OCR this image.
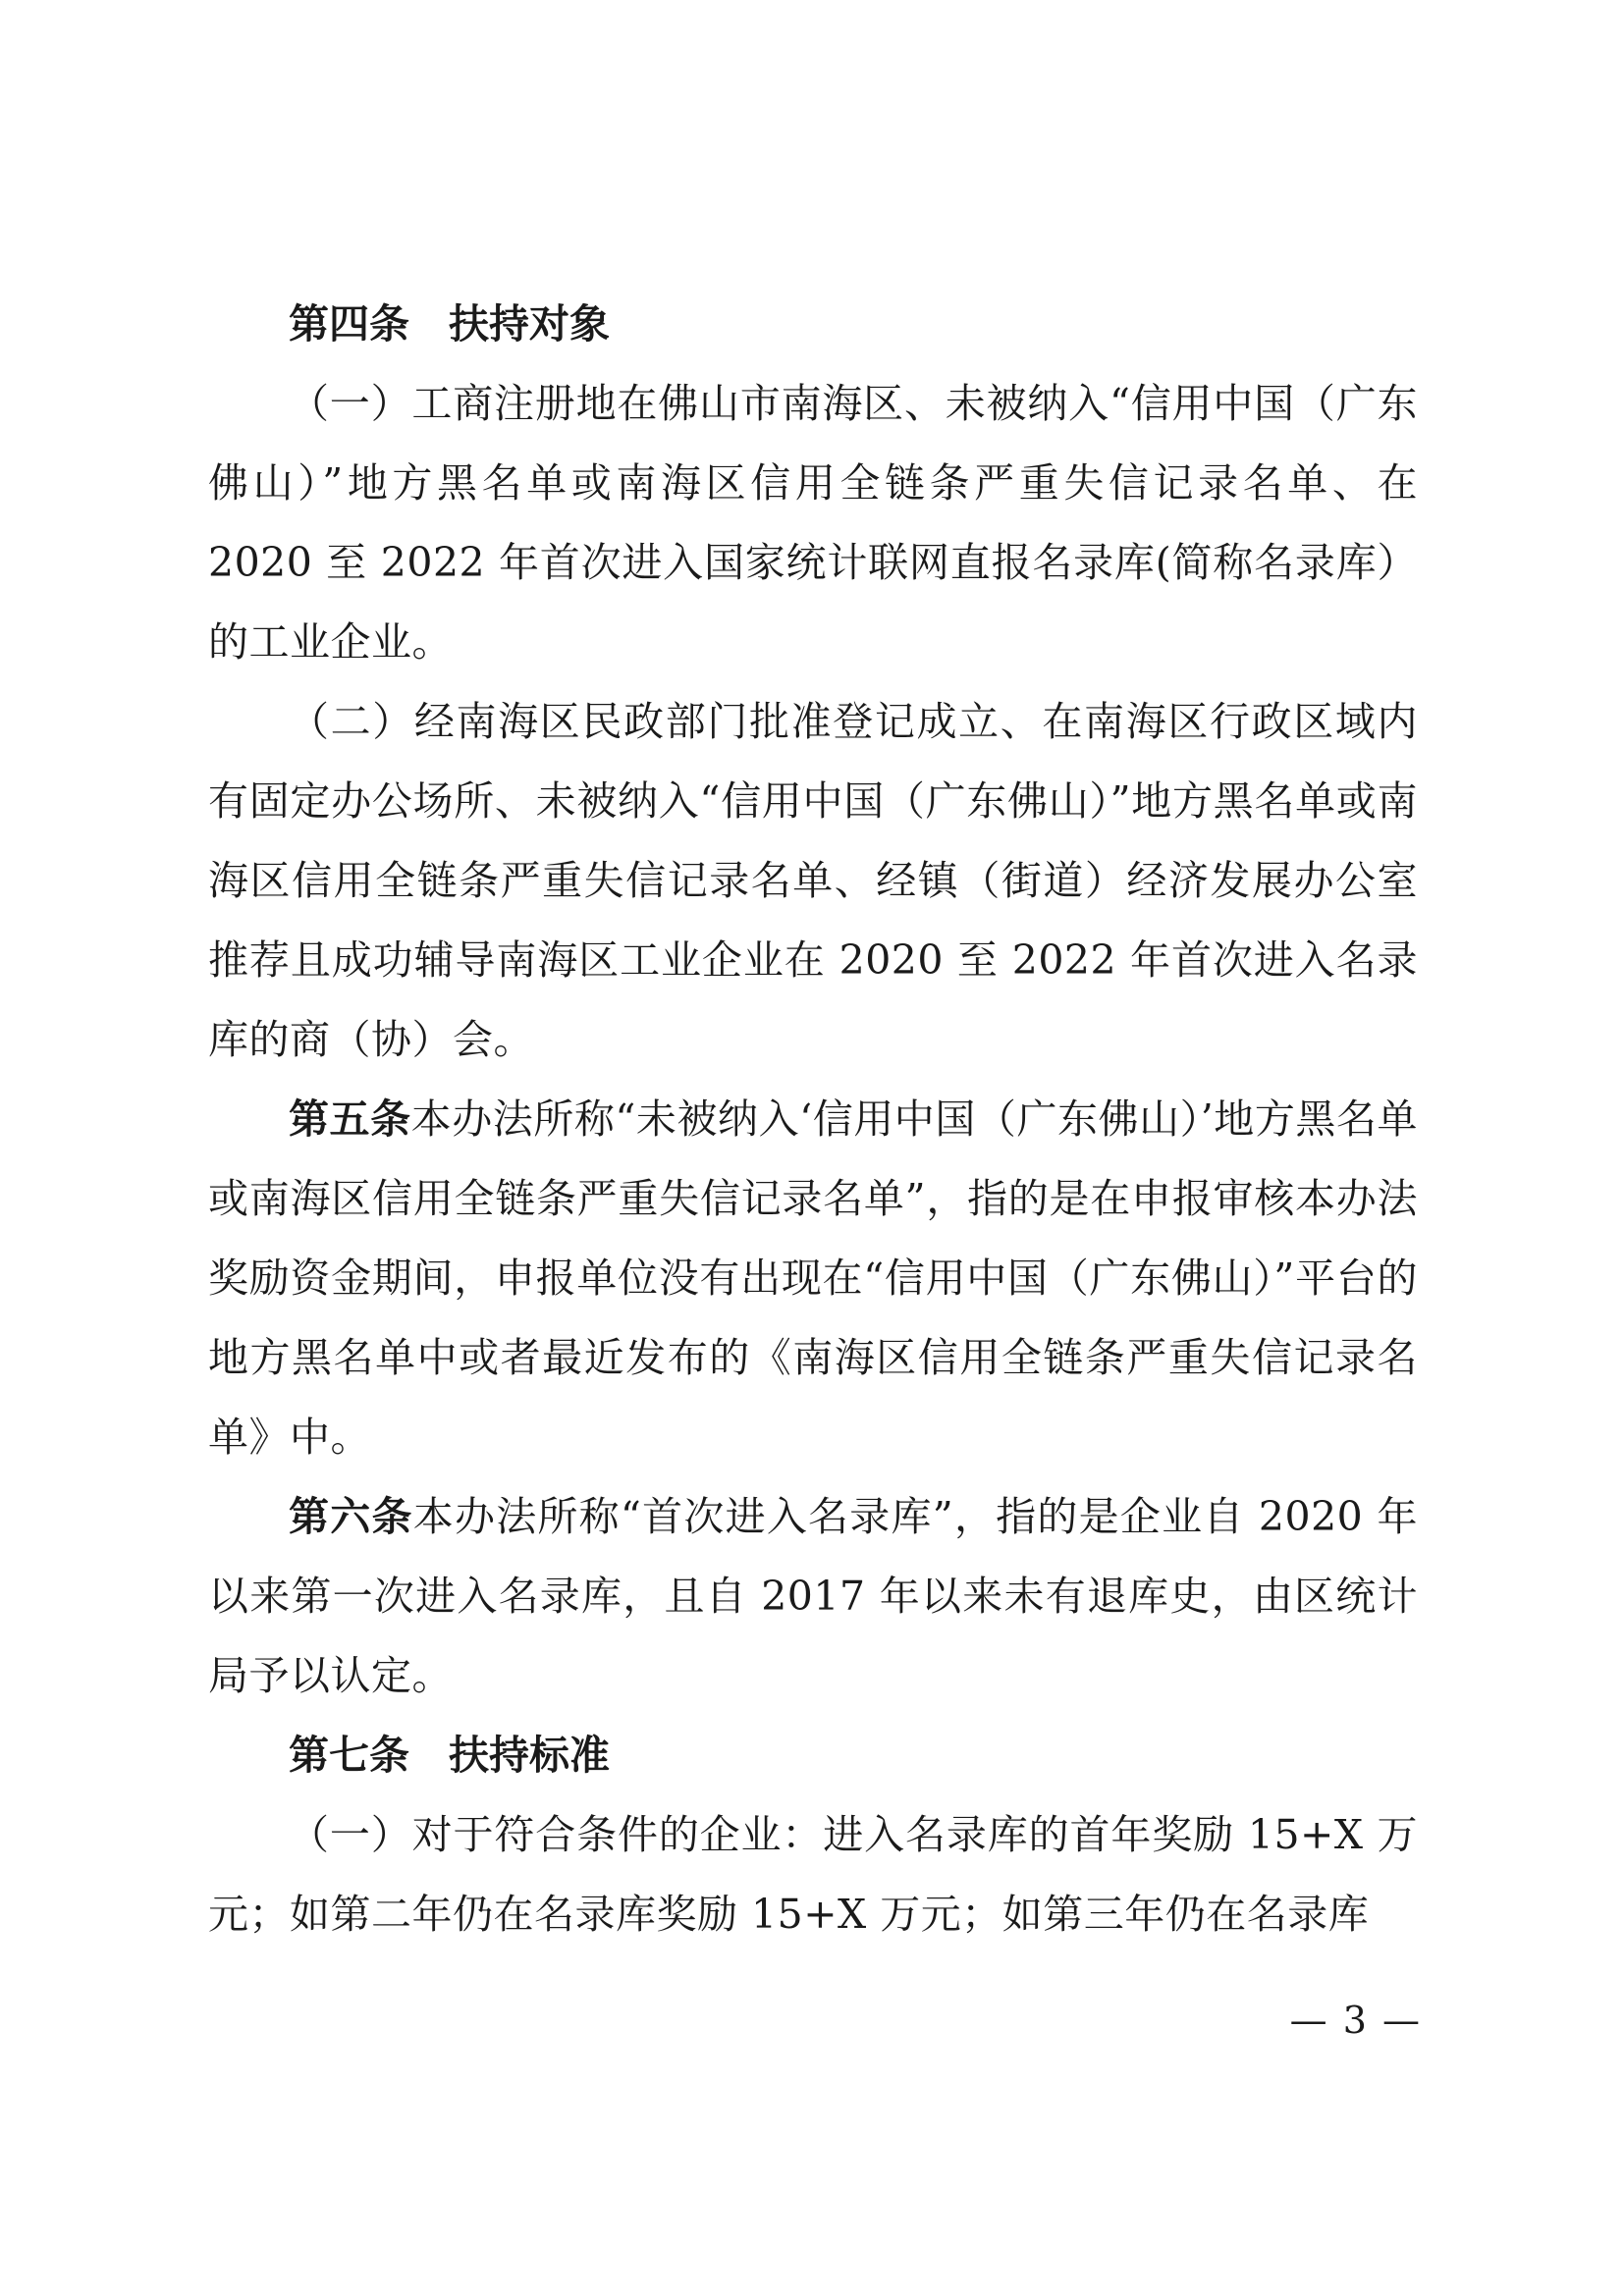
第四条 扶持对象

（一）工商注册地在佛山市南海区、未被纳入“信用中国（广东佛山）”地方黑名单或南海区信用全链条严重失信记录名单、在 2020 至 2022 年首次进入国家统计联网直报名录库(简称名录库）的工业企业。

（二）经南海区民政部门批准登记成立、在南海区行政区域内有固定办公场所、未被纳入“信用中国（广东佛山）”地方黑名单或南海区信用全链条严重失信记录名单、经镇（街道）经济发展办公室推荐且成功辅导南海区工业企业在 2020 至 2022 年首次进入名录库的商（协）会。

第五条本办法所称“未被纳入‘信用中国（广东佛山）’地方黑名单或南海区信用全链条严重失信记录名单”，指的是在申报审核本办法奖励资金期间，申报单位没有出现在“信用中国（广东佛山）”平台的地方黑名单中或者最近发布的《南海区信用全链条严重失信记录名单》中。

第六条本办法所称“首次进入名录库”，指的是企业自 2020 年以来第一次进入名录库，且自 2017 年以来未有退库史，由区统计局予以认定。

第七条 扶持标准

（一）对于符合条件的企业：进入名录库的首年奖励 15+X 万元；如第二年仍在名录库奖励 15+X 万元；如第三年仍在名录库

— 3 —
